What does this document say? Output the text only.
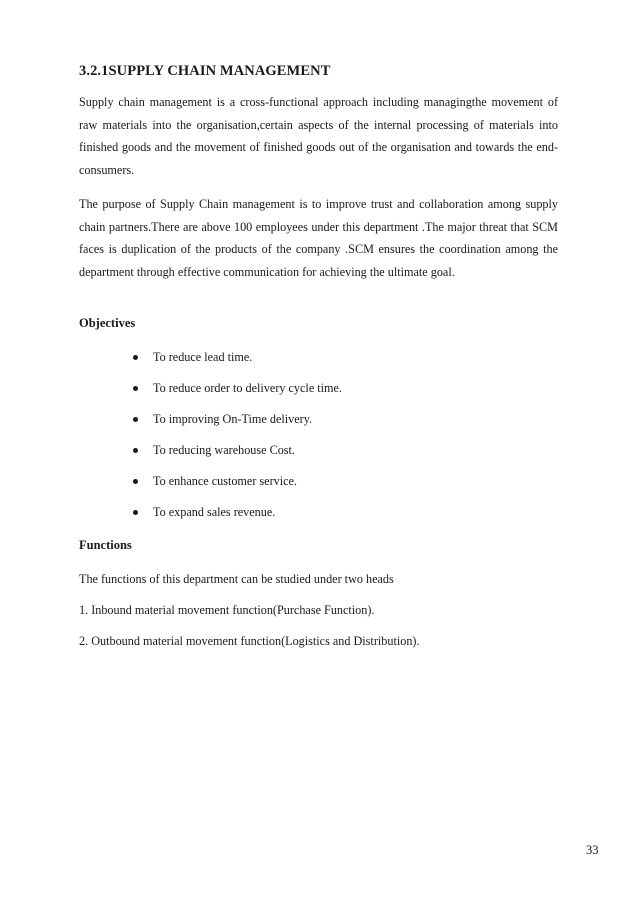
3.2.1SUPPLY CHAIN MANAGEMENT

Supply chain management is a cross-functional approach including managingthe movement of raw materials into the organisation,certain aspects of the internal processing of materials into finished goods and the movement of finished goods out of the organisation and towards the end-consumers.

The purpose of Supply Chain management is to improve trust and collaboration among supply chain partners.There are above 100 employees under this department .The major threat that SCM faces is duplication of the products of the company .SCM ensures the coordination among the department through effective communication for achieving the ultimate goal.

Objectives
To reduce lead time.
To reduce order to delivery cycle time.
To improving On-Time delivery.
To reducing warehouse Cost.
To enhance customer service.
To expand sales revenue.
Functions
The functions of this department can be studied under two heads
1. Inbound material movement function(Purchase Function).
2. Outbound material movement function(Logistics and Distribution).
33
